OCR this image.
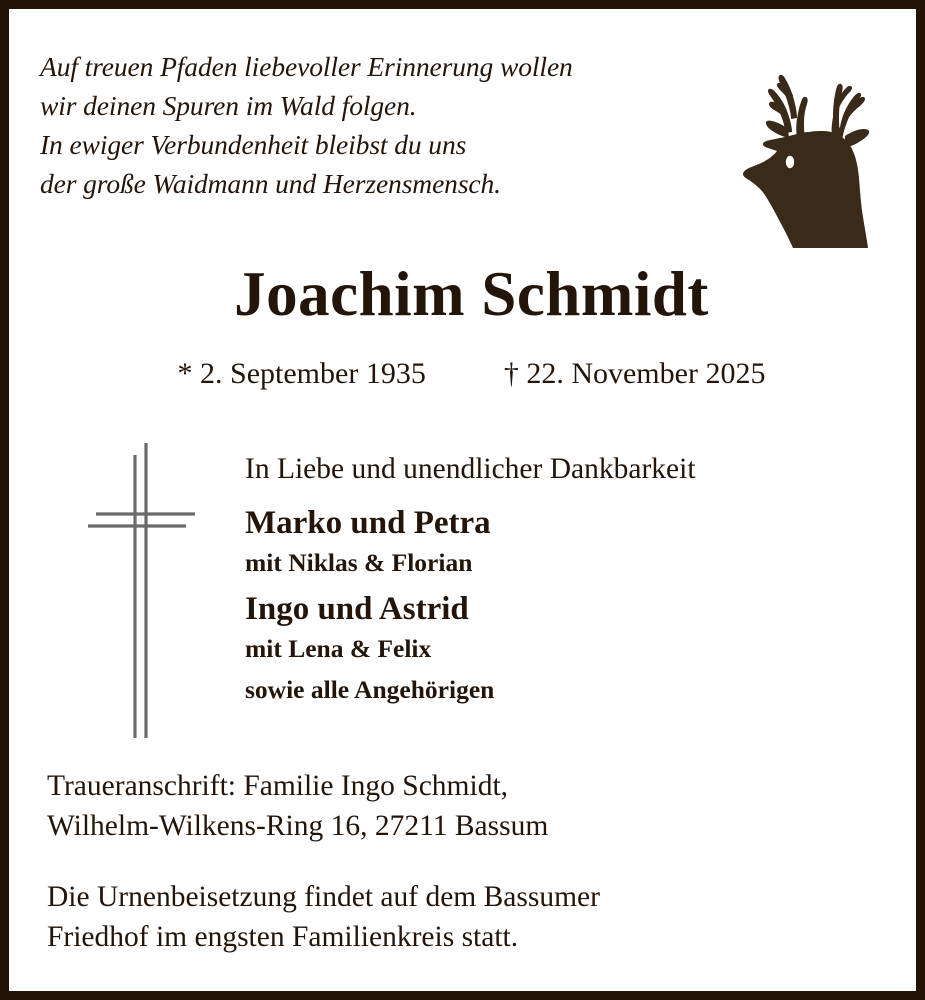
Auf treuen Pfaden liebevoller Erinnerung wollen
wir deinen Spuren im Wald folgen.
In ewiger Verbundenheit bleibst du uns
der große Waidmann und Herzensmensch.
Joachim Schmidt
* 2. September 1935	† 22. November 2025
In Liebe und unendlicher Dankbarkeit
Marko und Petra
mit Niklas & Florian
Ingo und Astrid
mit Lena & Felix
sowie alle Angehörigen
Traueranschrift: Familie Ingo Schmidt,
Wilhelm-Wilkens-Ring 16, 27211 Bassum
Die Urnenbeisetzung findet auf dem Bassumer
Friedhof im engsten Familienkreis statt.
